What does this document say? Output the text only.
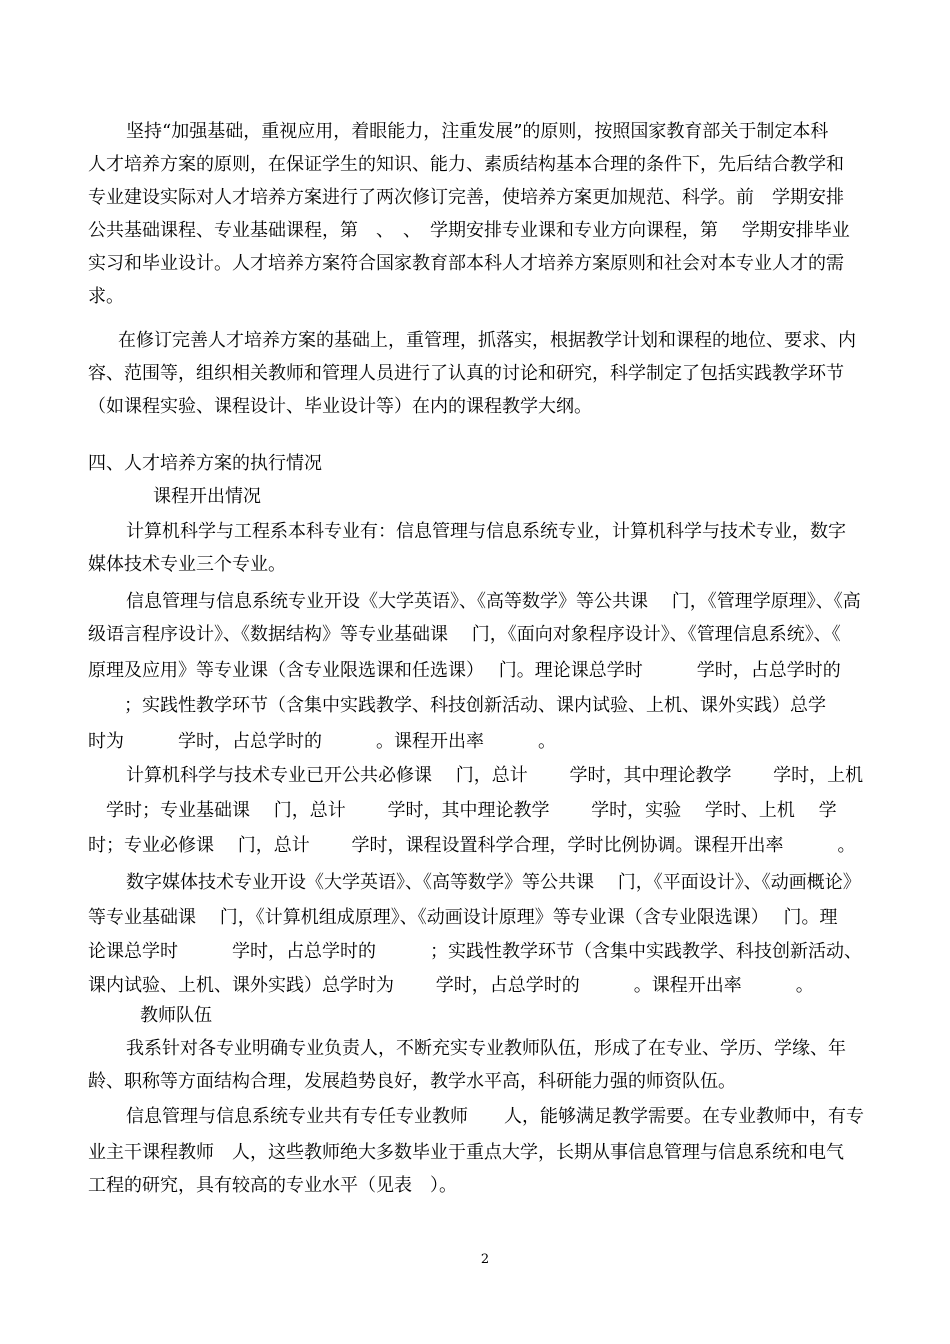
坚持“加强基础，重视应用，着眼能力，注重发展”的原则，按照国家教育部关于制定本科
人才培养方案的原则，在保证学生的知识、能力、素质结构基本合理的条件下，先后结合教学和
专业建设实际对人才培养方案进行了两次修订完善，使培养方案更加规范、科学。前　学期安排
公共基础课程、专业基础课程，第　、　、　学期安排专业课和专业方向课程，第　 学期安排毕业
实习和毕业设计。人才培养方案符合国家教育部本科人才培养方案原则和社会对本专业人才的需
求。
在修订完善人才培养方案的基础上，重管理，抓落实，根据教学计划和课程的地位、要求、内
容、范围等，组织相关教师和管理人员进行了认真的讨论和研究，科学制定了包括实践教学环节
（如课程实验、课程设计、毕业设计等）在内的课程教学大纲。
四、人才培养方案的执行情况
课程开出情况
计算机科学与工程系本科专业有：信息管理与信息系统专业，计算机科学与技术专业，数字
媒体技术专业三个专业。
信息管理与信息系统专业开设《大学英语》、《高等数学》等公共课　 门，《管理学原理》、《高
级语言程序设计》、《数据结构》等专业基础课　 门，《面向对象程序设计》、《管理信息系统》、《
原理及应用》等专业课（含专业限选课和任选课）　 门。理论课总学时　　　学时，占总学时的
　　；实践性教学环节（含集中实践教学、科技创新活动、课内试验、上机、课外实践）总学
时为　　　学时，占总学时的　　　。课程开出率　　　。
计算机科学与技术专业已开公共必修课　 门，总计　　 学时，其中理论教学　　 学时，上机
　学时；专业基础课　 门，总计　　 学时，其中理论教学　　 学时，实验　 学时、上机　 学
时；专业必修课　 门，总计　　 学时，课程设置科学合理，学时比例协调。课程开出率　　　。
数字媒体技术专业开设《大学英语》、《高等数学》等公共课　 门，《平面设计》、《动画概论》
等专业基础课　 门，《计算机组成原理》、《动画设计原理》等专业课（含专业限选课）　 门。理
论课总学时　　　学时，占总学时的　　　；实践性教学环节（含集中实践教学、科技创新活动、
课内试验、上机、课外实践）总学时为　　 学时，占总学时的　　　。课程开出率　　　。
教师队伍
我系针对各专业明确专业负责人，不断充实专业教师队伍，形成了在专业、学历、学缘、年
龄、职称等方面结构合理，发展趋势良好，教学水平高，科研能力强的师资队伍。
信息管理与信息系统专业共有专任专业教师　　人，能够满足教学需要。在专业教师中，有专
业主干课程教师　人，这些教师绝大多数毕业于重点大学，长期从事信息管理与信息系统和电气
工程的研究，具有较高的专业水平（见表　）。
2
